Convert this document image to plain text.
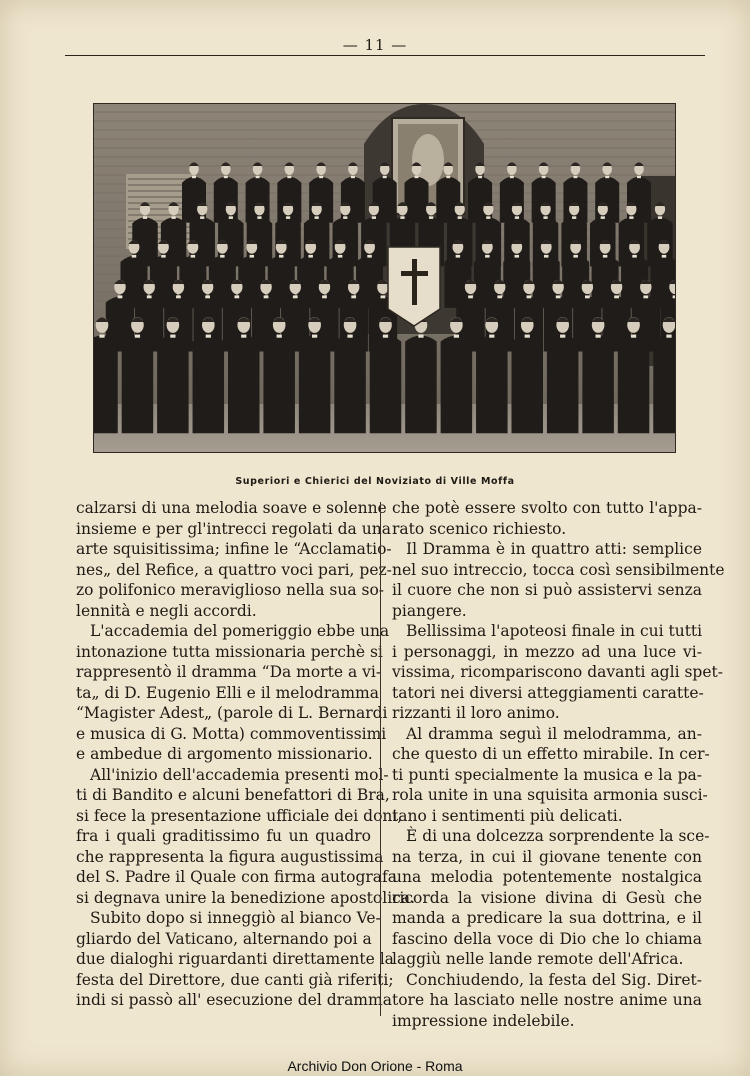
— 11 —
Superiori e Chierici del Noviziato di Ville Moffa
calzarsi di una melodia soave e solenne
insieme e per gl'intrecci regolati da una
arte squisitissima; infine le “Acclamatio-
nes„ del Refice, a quattro voci pari, pez-
zo polifonico meraviglioso nella sua so-
lennità e negli accordi.
L'accademia del pomeriggio ebbe una
intonazione tutta missionaria perchè si
rappresentò il dramma “Da morte a vi-
ta„ di D. Eugenio Elli e il melodramma
“Magister Adest„ (parole di L. Bernardi
e musica di G. Motta) commoventissimi
e ambedue di argomento missionario.
All'inizio dell'accademia presenti mol-
ti di Bandito e alcuni benefattori di Bra,
si fece la presentazione ufficiale dei doni,
fra i quali graditissimo fu un quadro
che rappresenta la figura augustissima
del S. Padre il Quale con firma autografa
si degnava unire la benedizione apostolica.
Subito dopo si inneggiò al bianco Ve-
gliardo del Vaticano, alternando poi a
due dialoghi riguardanti direttamente la
festa del Direttore, due canti già riferiti;
indi si passò all' esecuzione del dramma
che potè essere svolto con tutto l'appa-
rato scenico richiesto.
Il Dramma è in quattro atti: semplice
nel suo intreccio, tocca così sensibilmente
il cuore che non si può assistervi senza
piangere.
Bellissima l'apoteosi finale in cui tutti
i personaggi, in mezzo ad una luce vi-
vissima, ricompariscono davanti agli spet-
tatori nei diversi atteggiamenti caratte-
rizzanti il loro animo.
Al dramma seguì il melodramma, an-
che questo di un effetto mirabile. In cer-
ti punti specialmente la musica e la pa-
rola unite in una squisita armonia susci-
tano i sentimenti più delicati.
È di una dolcezza sorprendente la sce-
na terza, in cui il giovane tenente con
una melodia potentemente nostalgica
ricorda la visione divina di Gesù che
manda a predicare la sua dottrina, e il
fascino della voce di Dio che lo chiama
laggiù nelle lande remote dell'Africa.
Conchiudendo, la festa del Sig. Diret-
tore ha lasciato nelle nostre anime una
impressione indelebile.
Archivio Don Orione - Roma
